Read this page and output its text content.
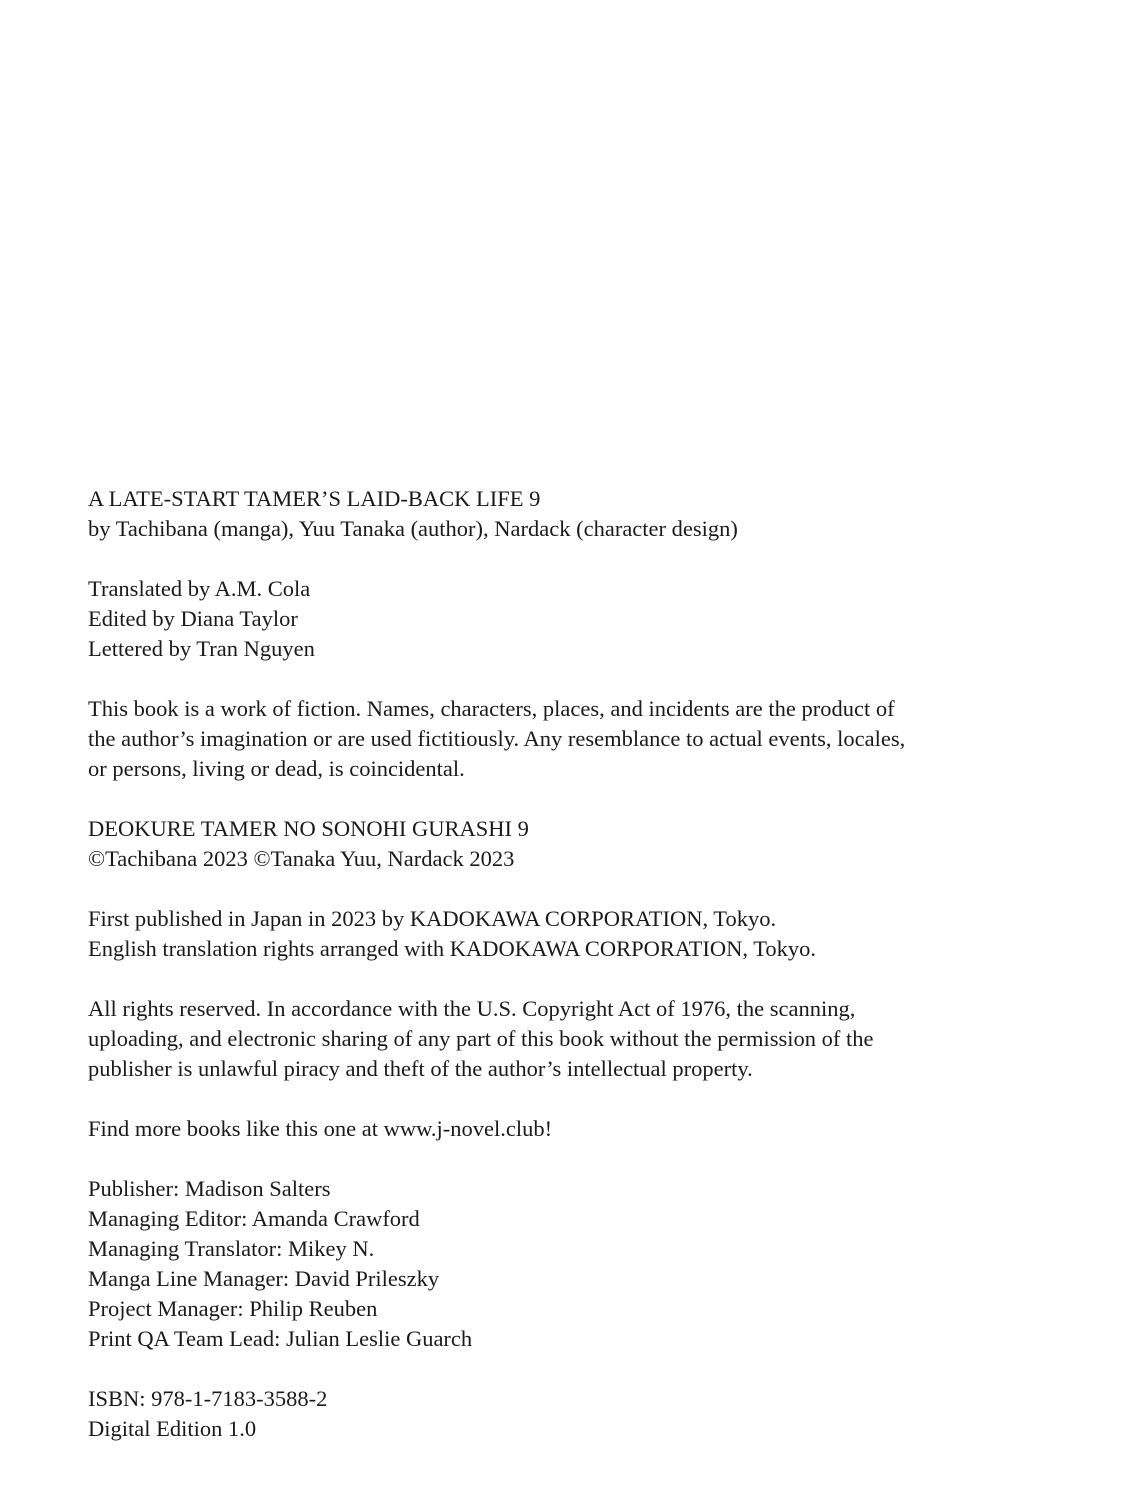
A LATE-START TAMER’S LAID-BACK LIFE 9
by Tachibana (manga), Yuu Tanaka (author), Nardack (character design)
Translated by A.M. Cola
Edited by Diana Taylor
Lettered by Tran Nguyen
This book is a work of fiction. Names, characters, places, and incidents are the product of
the author’s imagination or are used fictitiously. Any resemblance to actual events, locales,
or persons, living or dead, is coincidental.
DEOKURE TAMER NO SONOHI GURASHI 9
©Tachibana 2023 ©Tanaka Yuu, Nardack 2023
First published in Japan in 2023 by KADOKAWA CORPORATION, Tokyo.
English translation rights arranged with KADOKAWA CORPORATION, Tokyo.
All rights reserved. In accordance with the U.S. Copyright Act of 1976, the scanning,
uploading, and electronic sharing of any part of this book without the permission of the
publisher is unlawful piracy and theft of the author’s intellectual property.
Find more books like this one at www.j-novel.club!
Publisher: Madison Salters
Managing Editor: Amanda Crawford
Managing Translator: Mikey N.
Manga Line Manager: David Prileszky
Project Manager: Philip Reuben
Print QA Team Lead: Julian Leslie Guarch
ISBN: 978-1-7183-3588-2
Digital Edition 1.0
